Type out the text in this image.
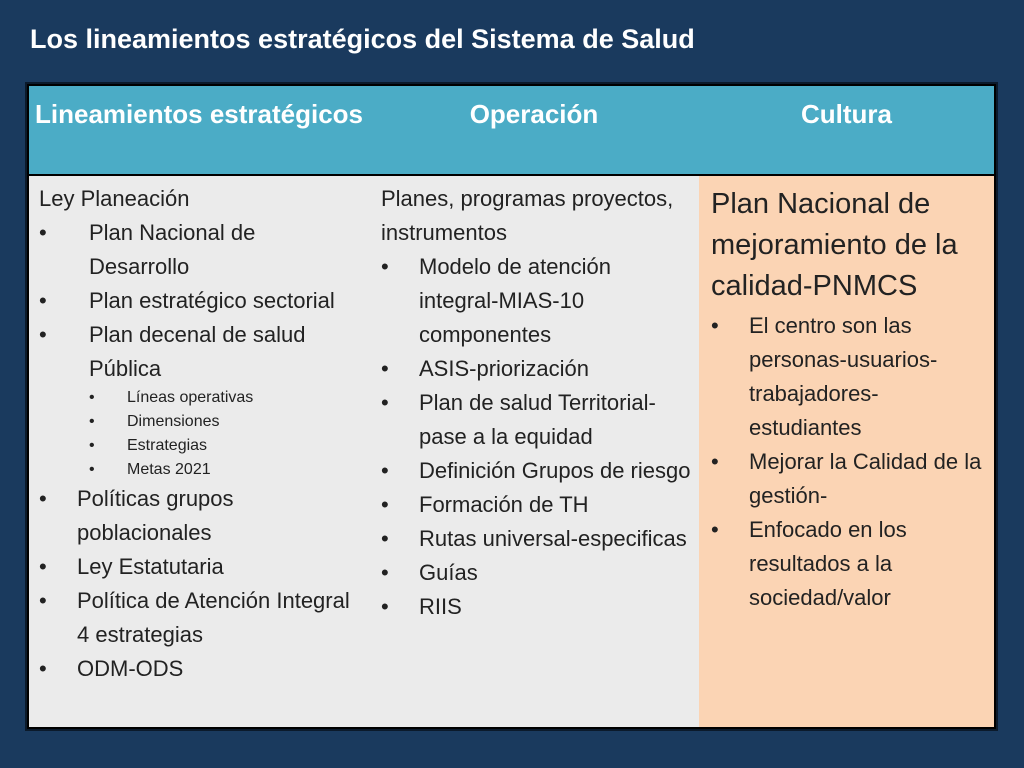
Los lineamientos estratégicos del Sistema de Salud
Lineamientos estratégicos	Operación	Cultura

Ley Planeación

• Plan Nacional de Desarrollo
• Plan estratégico sectorial
• Plan decenal de salud Pública
• Líneas operativas
• Dimensiones
• Estrategias
• Metas 2021
• Políticas grupos poblacionales
• Ley Estatutaria
• Política de Atención Integral 4 estrategias
• ODM-ODS

Planes, programas proyectos, instrumentos

• Modelo de atención integral-MIAS-10 componentes
• ASIS-priorización
• Plan de salud Territorial-pase a la equidad
• Definición Grupos de riesgo
• Formación de TH
• Rutas universal-especificas
• Guías
• RIIS

Plan Nacional de mejoramiento de la calidad-PNMCS

• El centro son las personas-usuarios-trabajadores-estudiantes
• Mejorar la Calidad de la gestión-
• Enfocado en los resultados a la sociedad/valor
